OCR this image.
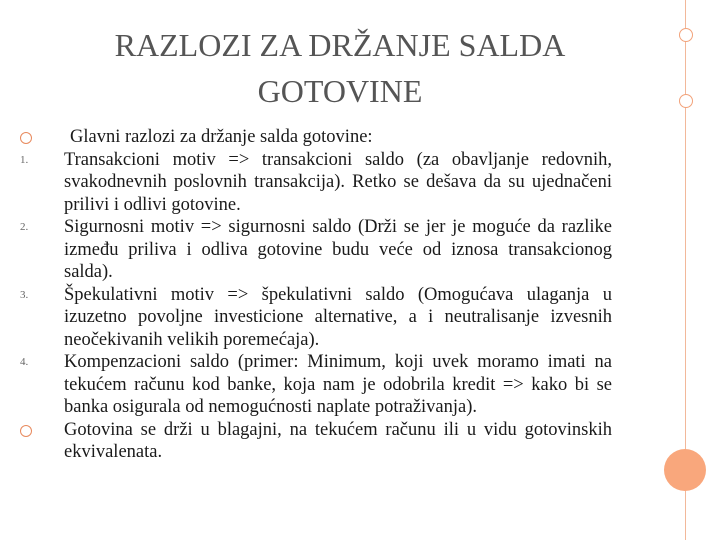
RAZLOZI ZA DRŽANJE SALDA
GOTOVINE
Glavni razlozi za držanje salda gotovine:
1.	Transakcioni motiv => transakcioni saldo (za obavljanje redovnih, svakodnevnih poslovnih transakcija). Retko se dešava da su ujednačeni prilivi i odlivi gotovine.
2.	Sigurnosni motiv => sigurnosni saldo (Drži se jer je moguće da razlike između priliva i odliva gotovine budu veće od iznosa transakcionog salda).
3.	Špekulativni motiv => špekulativni saldo (Omogućava ulaganja u izuzetno povoljne investicione alternative, a i neutralisanje izvesnih neočekivanih velikih poremećaja).
4.	Kompenzacioni saldo (primer: Minimum, koji uvek moramo imati na tekućem računu kod banke, koja nam je odobrila kredit => kako bi se banka osigurala od nemogućnosti naplate potraživanja).
Gotovina se drži u blagajni, na tekućem računu ili u vidu gotovinskih ekvivalenata.
